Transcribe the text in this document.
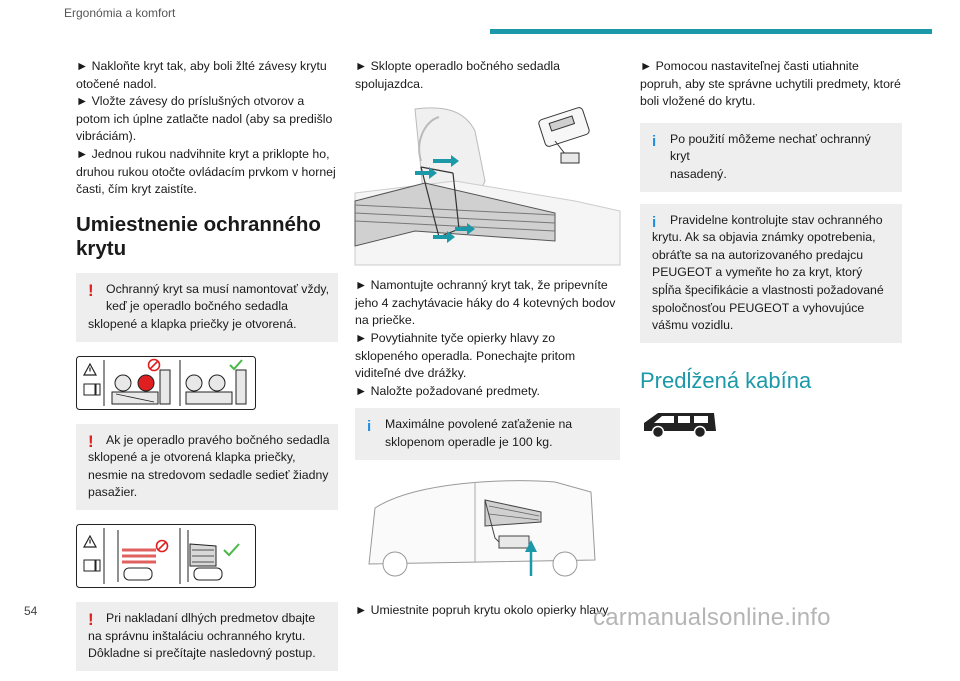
Ergonómia a komfort

► Nakloňte kryt tak, aby boli žlté závesy krytu otočené nadol.

► Vložte závesy do príslušných otvorov a potom ich úplne zatlačte nadol (aby sa predišlo vibráciám).

► Jednou rukou nadvihnite kryt a priklopte ho, druhou rukou otočte ovládacím prvkom v hornej časti, čím kryt zaistíte.

Umiestnenie ochranného krytu
!	Ochranný kryt sa musí namontovať vždy, keď je operadlo bočného sedadla
sklopené a klapka priečky je otvorená.
!	Ak je operadlo pravého bočného sedadla
sklopené a je otvorená klapka priečky, nesmie na stredovom sedadle sedieť žiadny pasažier.
!	Pri nakladaní dlhých predmetov dbajte
na správnu inštaláciu ochranného krytu. Dôkladne si prečítajte nasledovný postup.

► Sklopte operadlo bočného sedadla spolujazdca.

► Namontujte ochranný kryt tak, že pripevníte jeho 4 zachytávacie háky do 4 kotevných bodov na priečke.

► Povytiahnite tyče opierky hlavy zo sklopeného operadla. Ponechajte pritom viditeľné dve drážky.

► Naložte požadované predmety.

i	Maximálne povolené zaťaženie na
sklopenom operadle je 100 kg.

► Umiestnite popruh krytu okolo opierky hlavy.

► Pomocou nastaviteľnej časti utiahnite popruh, aby ste správne uchytili predmety, ktoré boli vložené do krytu.

i	Po použití môžeme nechať ochranný kryt
nasadený.
i	Pravidelne kontrolujte stav ochranného
krytu. Ak sa objavia známky opotrebenia, obráťte sa na autorizovaného predajcu PEUGEOT a vymeňte ho za kryt, ktorý spĺňa špecifikácie a vlastnosti požadované spoločnosťou PEUGEOT a vyhovujúce vášmu vozidlu.
Predĺžená kabína
54	carmanualsonline.info
